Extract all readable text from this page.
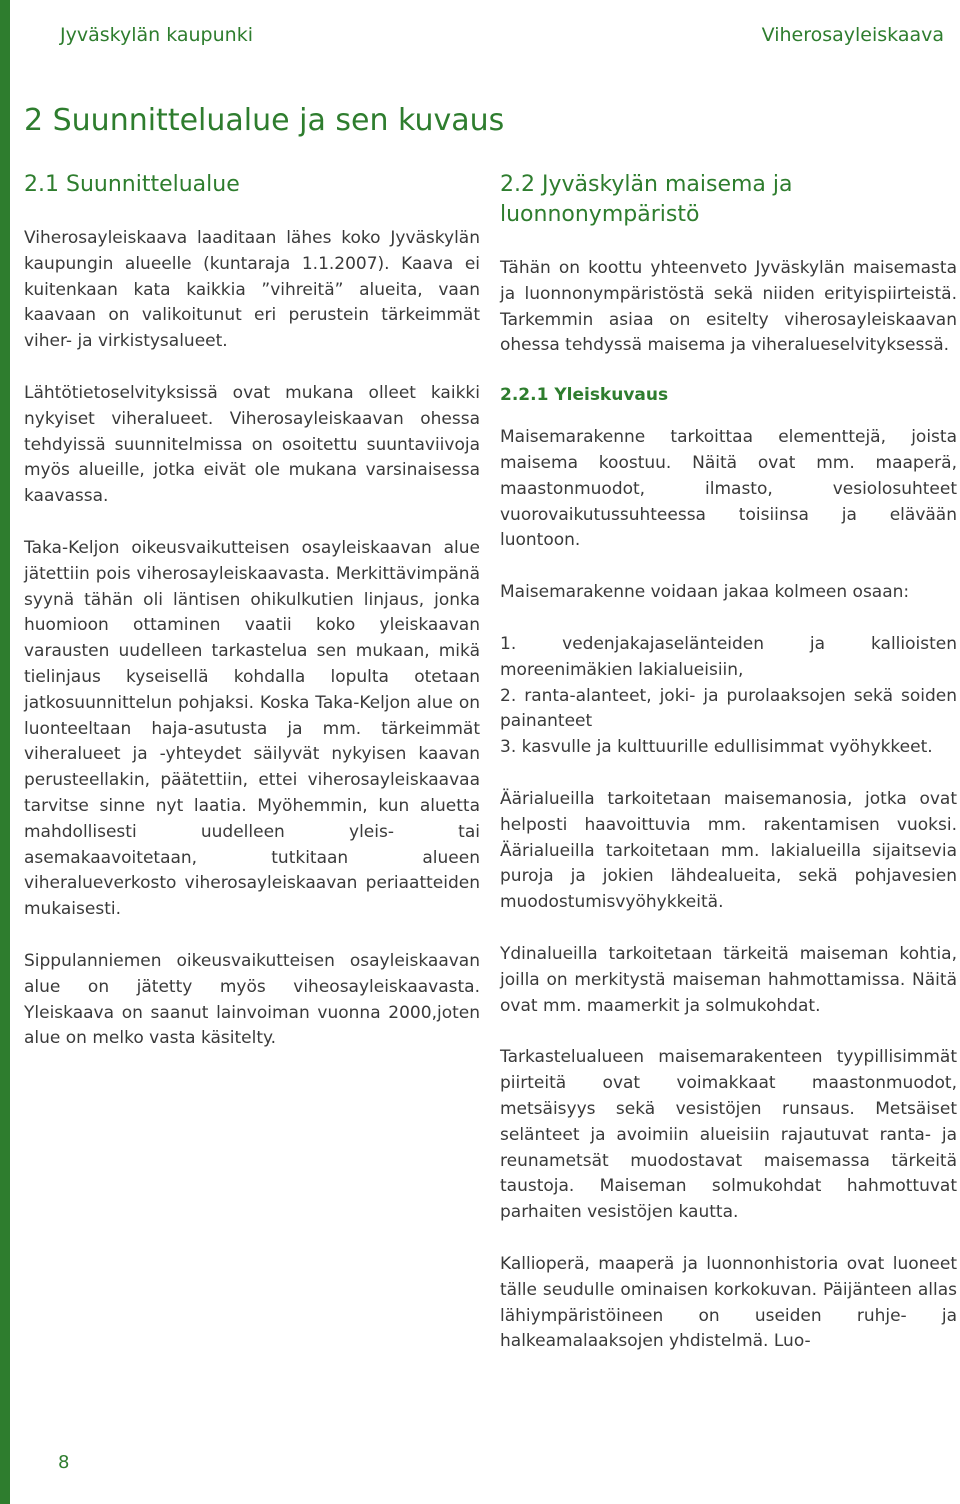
Jyväskylän kaupunki	Viherosayleiskaava
2 Suunnittelualue ja sen kuvaus
2.1 Suunnittelualue

Viherosayleiskaava laaditaan lähes koko Jyväskylän kaupungin alueelle (kuntaraja 1.1.2007). Kaava ei kuitenkaan kata kaikkia ”vihreitä” alueita, vaan kaavaan on valikoitunut eri perustein tärkeimmät viher- ja virkistysalueet.

Lähtötietoselvityksissä ovat mukana olleet kaikki nykyiset viheralueet. Viherosayleiskaavan ohessa tehdyissä suunnitelmissa on osoitettu suuntaviivoja myös alueille, jotka eivät ole mukana varsinaisessa kaavassa.

Taka-Keljon oikeusvaikutteisen osayleiskaavan alue jätettiin pois viherosayleiskaavasta. Merkittävimpänä syynä tähän oli läntisen ohikulkutien linjaus, jonka huomioon ottaminen vaatii koko yleiskaavan varausten uudelleen tarkastelua sen mukaan, mikä tielinjaus kyseisellä kohdalla lopulta otetaan jatkosuunnittelun pohjaksi. Koska Taka-Keljon alue on luonteeltaan haja-asutusta ja mm. tärkeimmät viheralueet ja -yhteydet säilyvät nykyisen kaavan perusteellakin, päätettiin, ettei viherosayleiskaavaa tarvitse sinne nyt laatia. Myöhemmin, kun aluetta mahdollisesti uudelleen yleis- tai asemakaavoitetaan, tutkitaan alueen viheralueverkosto viherosayleiskaavan periaatteiden mukaisesti.

Sippulanniemen oikeusvaikutteisen osayleiskaavan alue on jätetty myös viheosayleiskaavasta. Yleiskaava on saanut lainvoiman vuonna 2000,joten alue on melko vasta käsitelty.

2.2 Jyväskylän maisema ja luonnonympäristö

Tähän on koottu yhteenveto Jyväskylän maisemasta ja luonnonympäristöstä sekä niiden erityispiirteistä. Tarkemmin asiaa on esitelty viherosayleiskaavan ohessa tehdyssä maisema ja viheralueselvityksessä.

2.2.1 Yleiskuvaus

Maisemarakenne tarkoittaa elementtejä, joista maisema koostuu. Näitä ovat mm. maaperä, maastonmuodot, ilmasto, vesiolosuhteet vuorovaikutussuhteessa toisiinsa ja elävään luontoon.

Maisemarakenne voidaan jakaa kolmeen osaan:

1. vedenjakajaselänteiden ja kallioisten moreenimäkien lakialueisiin,

2. ranta-alanteet, joki- ja purolaaksojen sekä soiden painanteet

3. kasvulle ja kulttuurille edullisimmat vyöhykkeet.

Äärialueilla tarkoitetaan maisemanosia, jotka ovat helposti haavoittuvia mm. rakentamisen vuoksi. Äärialueilla tarkoitetaan mm. lakialueilla sijaitsevia puroja ja jokien lähdealueita, sekä pohjavesien muodostumisvyöhykkeitä.

Ydinalueilla tarkoitetaan tärkeitä maiseman kohtia, joilla on merkitystä maiseman hahmottamissa. Näitä ovat mm. maamerkit ja solmukohdat.

Tarkastelualueen maisemarakenteen tyypillisimmät piirteitä ovat voimakkaat maastonmuodot, metsäisyys sekä vesistöjen runsaus. Metsäiset selänteet ja avoimiin alueisiin rajautuvat ranta- ja reunametsät muodostavat maisemassa tärkeitä taustoja. Maiseman solmukohdat hahmottuvat parhaiten vesistöjen kautta.

Kallioperä, maaperä ja luonnonhistoria ovat luoneet tälle seudulle ominaisen korkokuvan. Päijänteen allas lähiympäristöineen on useiden ruhje- ja halkeamalaaksojen yhdistelmä. Luo-

8
